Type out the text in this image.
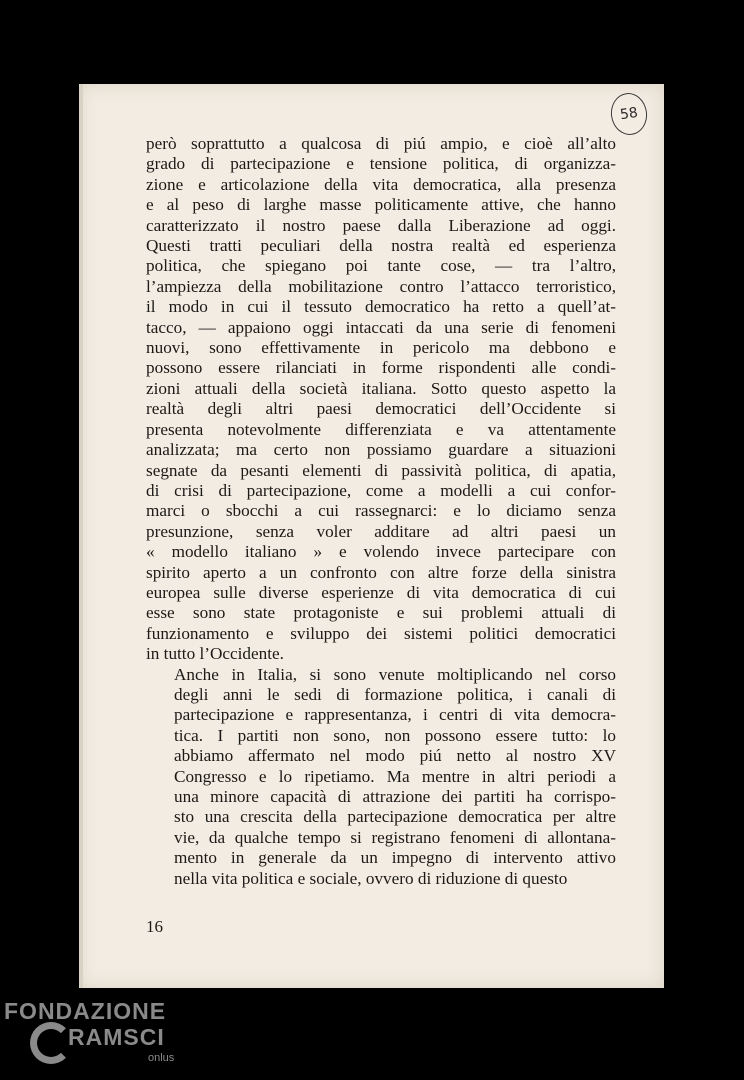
58

però soprattutto a qualcosa di piú ampio, e cioè all’alto
grado di partecipazione e tensione politica, di organizza-
zione e articolazione della vita democratica, alla presenza
e al peso di larghe masse politicamente attive, che hanno
caratterizzato il nostro paese dalla Liberazione ad oggi.
Questi tratti peculiari della nostra realtà ed esperienza
politica, che spiegano poi tante cose, — tra l’altro,
l’ampiezza della mobilitazione contro l’attacco terroristico,
il modo in cui il tessuto democratico ha retto a quell’at-
tacco, — appaiono oggi intaccati da una serie di fenomeni
nuovi, sono effettivamente in pericolo ma debbono e
possono essere rilanciati in forme rispondenti alle condi-
zioni attuali della società italiana. Sotto questo aspetto la
realtà degli altri paesi democratici dell’Occidente si
presenta notevolmente differenziata e va attentamente
analizzata; ma certo non possiamo guardare a situazioni
segnate da pesanti elementi di passività politica, di apatia,
di crisi di partecipazione, come a modelli a cui confor-
marci o sbocchi a cui rassegnarci: e lo diciamo senza
presunzione, senza voler additare ad altri paesi un
« modello italiano » e volendo invece partecipare con
spirito aperto a un confronto con altre forze della sinistra
europea sulle diverse esperienze di vita democratica di cui
esse sono state protagoniste e sui problemi attuali di
funzionamento e sviluppo dei sistemi politici democratici
in tutto l’Occidente.

Anche in Italia, si sono venute moltiplicando nel corso
degli anni le sedi di formazione politica, i canali di
partecipazione e rappresentanza, i centri di vita democra-
tica. I partiti non sono, non possono essere tutto: lo
abbiamo affermato nel modo piú netto al nostro XV
Congresso e lo ripetiamo. Ma mentre in altri periodi a
una minore capacità di attrazione dei partiti ha corrispo-
sto una crescita della partecipazione democratica per altre
vie, da qualche tempo si registrano fenomeni di allontana-
mento in generale da un impegno di intervento attivo
nella vita politica e sociale, ovvero di riduzione di questo

16
FONDAZIONE
RAMSCI
onlus
